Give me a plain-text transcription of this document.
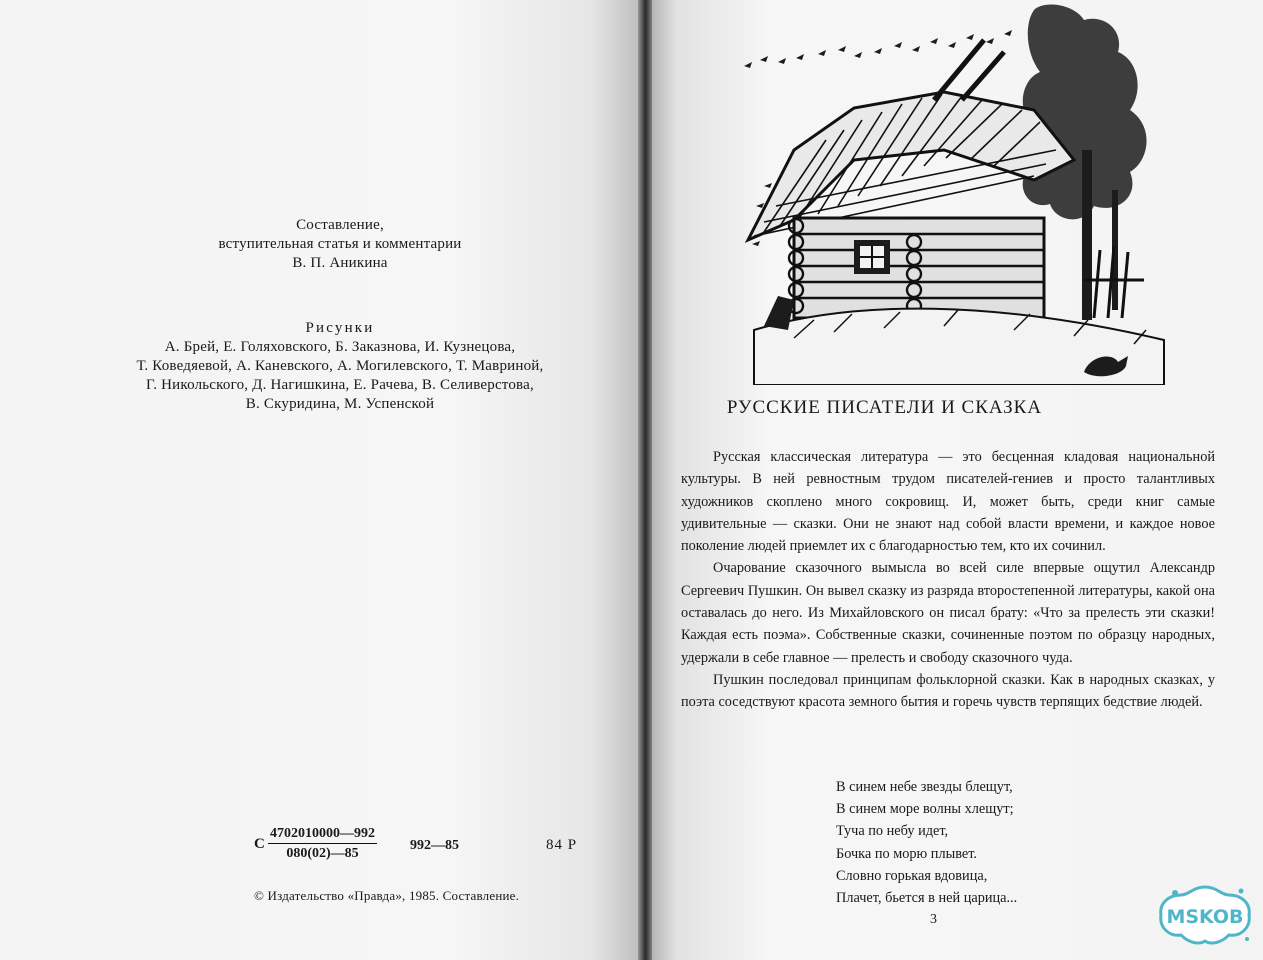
Составление,

вступительная статья и комментарии

В. П. Аникина

Рисунки

А. Брей, Е. Голяховского, Б. Заказнова, И. Кузнецова,

Т. Коведяевой, А. Каневского, А. Могилевского, Т. Мавриной,

Г. Никольского, Д. Нагишкина, Е. Рачева, В. Селиверстова,

В. Скуридина, М. Успенской

С $\frac{4702010000—992}{080(02)—85}$ 992—85	84 Р
© Издательство «Правда», 1985. Составление.
РУССКИЕ ПИСАТЕЛИ И СКАЗКА

Русская классическая литература — это бесценная кладовая национальной культуры. В ней ревностным трудом писателей-гениев и просто талантливых художников скоплено много сокровищ. И, может быть, среди книг самые удивительные — сказки. Они не знают над собой власти времени, и каждое новое поколение людей приемлет их с благодарностью тем, кто их сочинил.

Очарование сказочного вымысла во всей силе впервые ощутил Александр Сергеевич Пушкин. Он вывел сказку из разряда второстепенной литературы, какой она оставалась до него. Из Михайловского он писал брату: «Что за прелесть эти сказки! Каждая есть поэма». Собственные сказки, сочиненные поэтом по образцу народных, удержали в себе главное — прелесть и свободу сказочного чуда.

Пушкин последовал принципам фольклорной сказки. Как в народных сказках, у поэта соседствуют красота земного бытия и горечь чувств терпящих бедствие людей.

В синем небе звезды блещут,
В синем море волны хлещут;
Туча по небу идет,
Бочка по морю плывет.
Словно горькая вдовица,
Плачет, бьется в ней царица...
3	MSKOB
